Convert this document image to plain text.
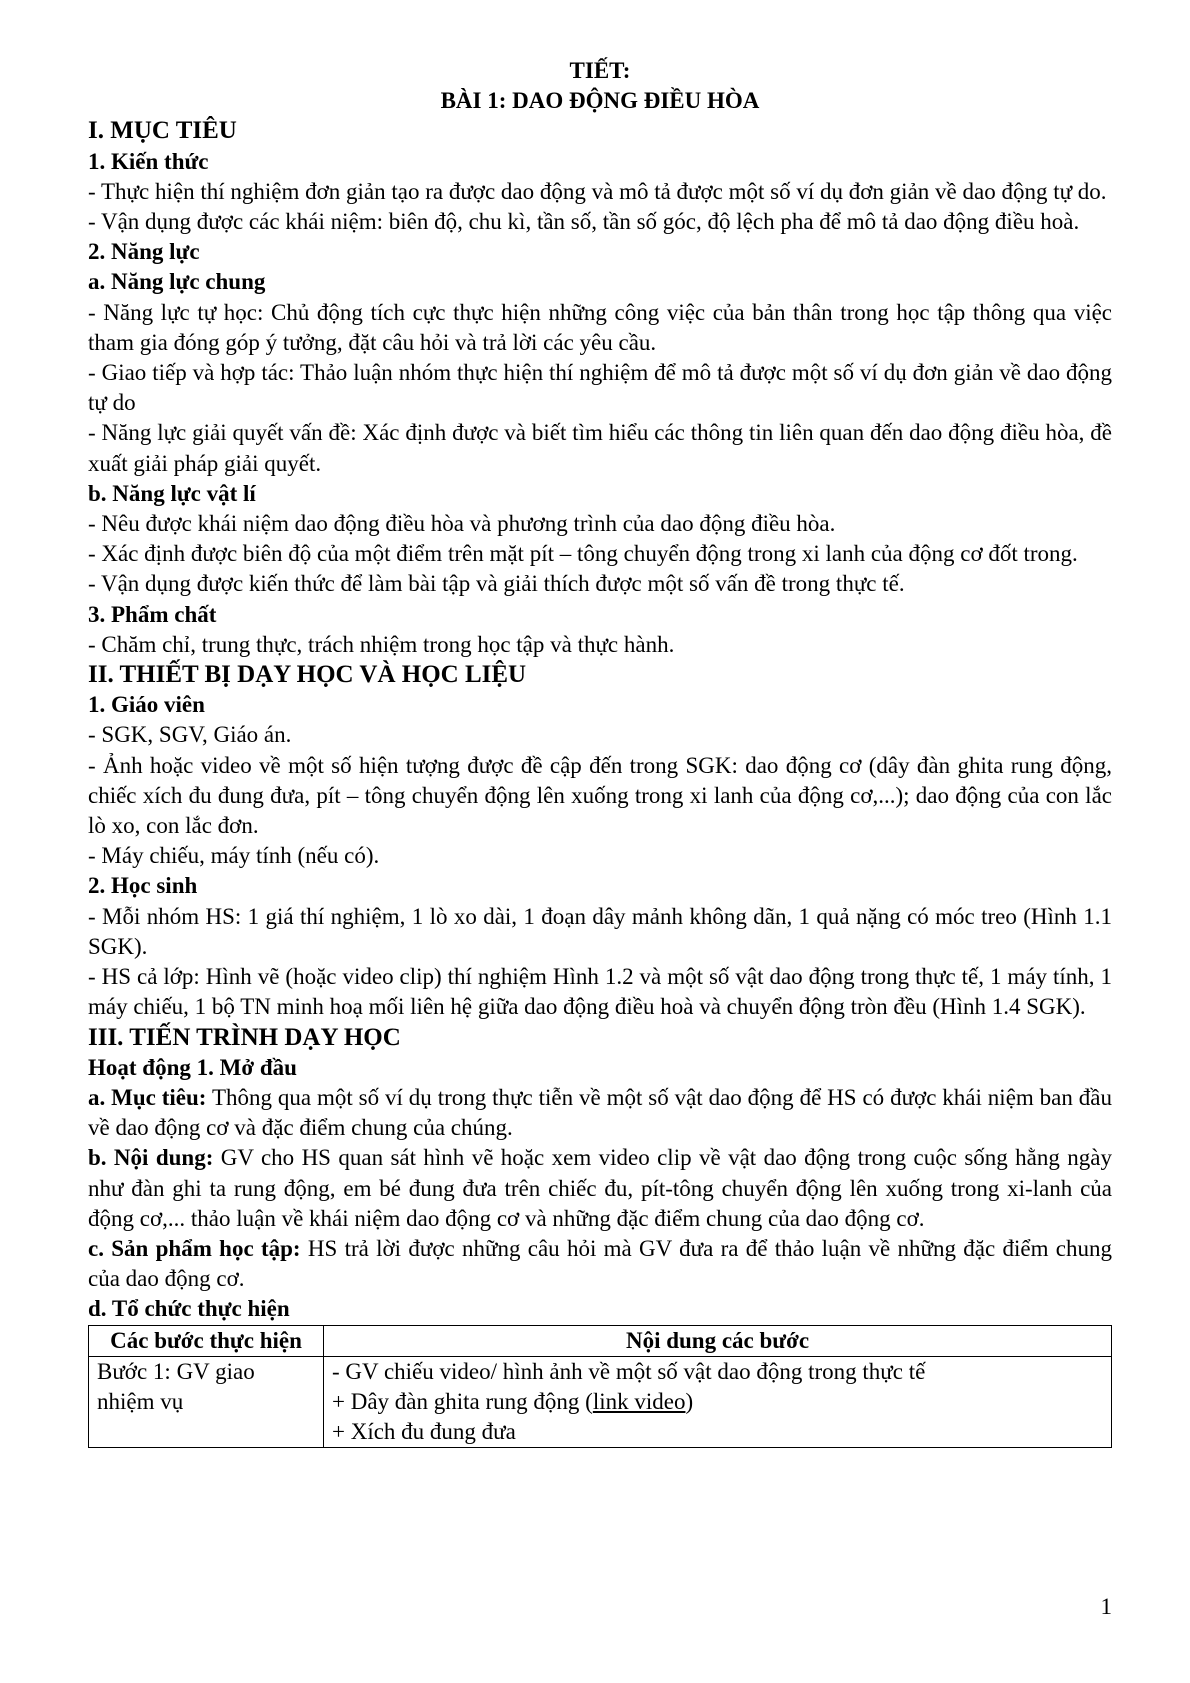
TIẾT:
BÀI 1: DAO ĐỘNG ĐIỀU HÒA
I. MỤC TIÊU
1. Kiến thức

- Thực hiện thí nghiệm đơn giản tạo ra được dao động và mô tả được một số ví dụ đơn giản về dao động tự do.

- Vận dụng được các khái niệm: biên độ, chu kì, tần số, tần số góc, độ lệch pha để mô tả dao động điều hoà.

2. Năng lực
a. Năng lực chung

- Năng lực tự học: Chủ động tích cực thực hiện những công việc của bản thân trong học tập thông qua việc tham gia đóng góp ý tưởng, đặt câu hỏi và trả lời các yêu cầu.

- Giao tiếp và hợp tác: Thảo luận nhóm thực hiện thí nghiệm để mô tả được một số ví dụ đơn giản về dao động tự do

- Năng lực giải quyết vấn đề: Xác định được và biết tìm hiểu các thông tin liên quan đến dao động điều hòa, đề xuất giải pháp giải quyết.

b. Năng lực vật lí

- Nêu được khái niệm dao động điều hòa và phương trình của dao động điều hòa.

- Xác định được biên độ của một điểm trên mặt pít – tông chuyển động trong xi lanh của động cơ đốt trong.

- Vận dụng được kiến thức để làm bài tập và giải thích được một số vấn đề trong thực tế.

3. Phẩm chất

- Chăm chỉ, trung thực, trách nhiệm trong học tập và thực hành.

II. THIẾT BỊ DẠY HỌC VÀ HỌC LIỆU
1. Giáo viên

- SGK, SGV, Giáo án.

- Ảnh hoặc video về một số hiện tượng được đề cập đến trong SGK: dao động cơ (dây đàn ghita rung động, chiếc xích đu đung đưa, pít – tông chuyển động lên xuống trong xi lanh của động cơ,...); dao động của con lắc lò xo, con lắc đơn.

- Máy chiếu, máy tính (nếu có).

2. Học sinh

- Mỗi nhóm HS: 1 giá thí nghiệm, 1 lò xo dài, 1 đoạn dây mảnh không dãn, 1 quả nặng có móc treo (Hình 1.1 SGK).

- HS cả lớp: Hình vẽ (hoặc video clip) thí nghiệm Hình 1.2 và một số vật dao động trong thực tế, 1 máy tính, 1 máy chiếu, 1 bộ TN minh hoạ mối liên hệ giữa dao động điều hoà và chuyển động tròn đều (Hình 1.4 SGK).

III. TIẾN TRÌNH DẠY HỌC
Hoạt động 1. Mở đầu

a. Mục tiêu: Thông qua một số ví dụ trong thực tiễn về một số vật dao động để HS có được khái niệm ban đầu về dao động cơ và đặc điểm chung của chúng.

b. Nội dung: GV cho HS quan sát hình vẽ hoặc xem video clip về vật dao động trong cuộc sống hằng ngày như đàn ghi ta rung động, em bé đung đưa trên chiếc đu, pít-tông chuyển động lên xuống trong xi-lanh của động cơ,... thảo luận về khái niệm dao động cơ và những đặc điểm chung của dao động cơ.

c. Sản phẩm học tập: HS trả lời được những câu hỏi mà GV đưa ra để thảo luận về những đặc điểm chung của dao động cơ.

d. Tổ chức thực hiện
Các bước thực hiện	Nội dung các bước
Bước 1: GV giao nhiệm vụ	- GV chiếu video/ hình ảnh về một số vật dao động trong thực tế
+ Dây đàn ghita rung động (link video)
+ Xích đu đung đưa
1
